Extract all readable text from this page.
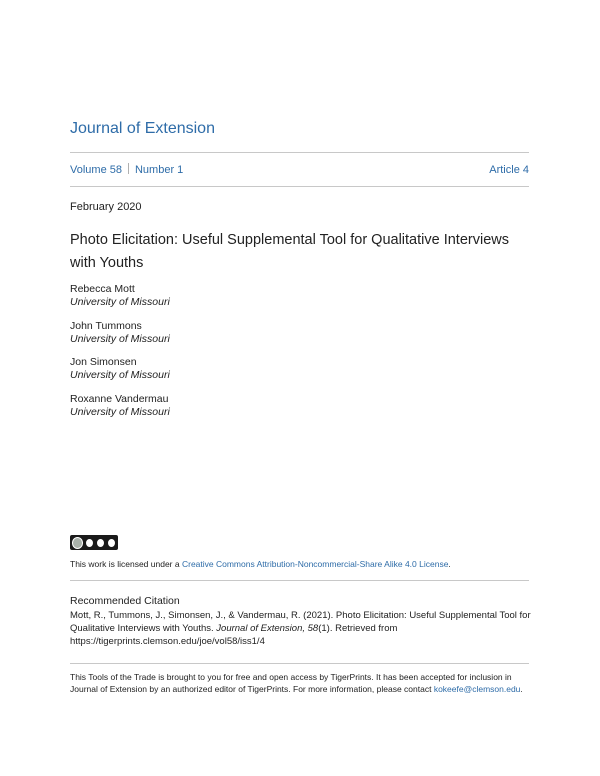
Journal of Extension
Volume 58 Number 1	Article 4
February 2020
Photo Elicitation: Useful Supplemental Tool for Qualitative Interviews with Youths
Rebecca Mott
University of Missouri
John Tummons
University of Missouri
Jon Simonsen
University of Missouri
Roxanne Vandermau
University of Missouri
This work is licensed under a Creative Commons Attribution-Noncommercial-Share Alike 4.0 License.
Recommended Citation
Mott, R., Tummons, J., Simonsen, J., & Vandermau, R. (2021). Photo Elicitation: Useful Supplemental Tool for Qualitative Interviews with Youths. Journal of Extension, 58(1). Retrieved from https://tigerprints.clemson.edu/joe/vol58/iss1/4
This Tools of the Trade is brought to you for free and open access by TigerPrints. It has been accepted for inclusion in Journal of Extension by an authorized editor of TigerPrints. For more information, please contact kokeefe@clemson.edu.
